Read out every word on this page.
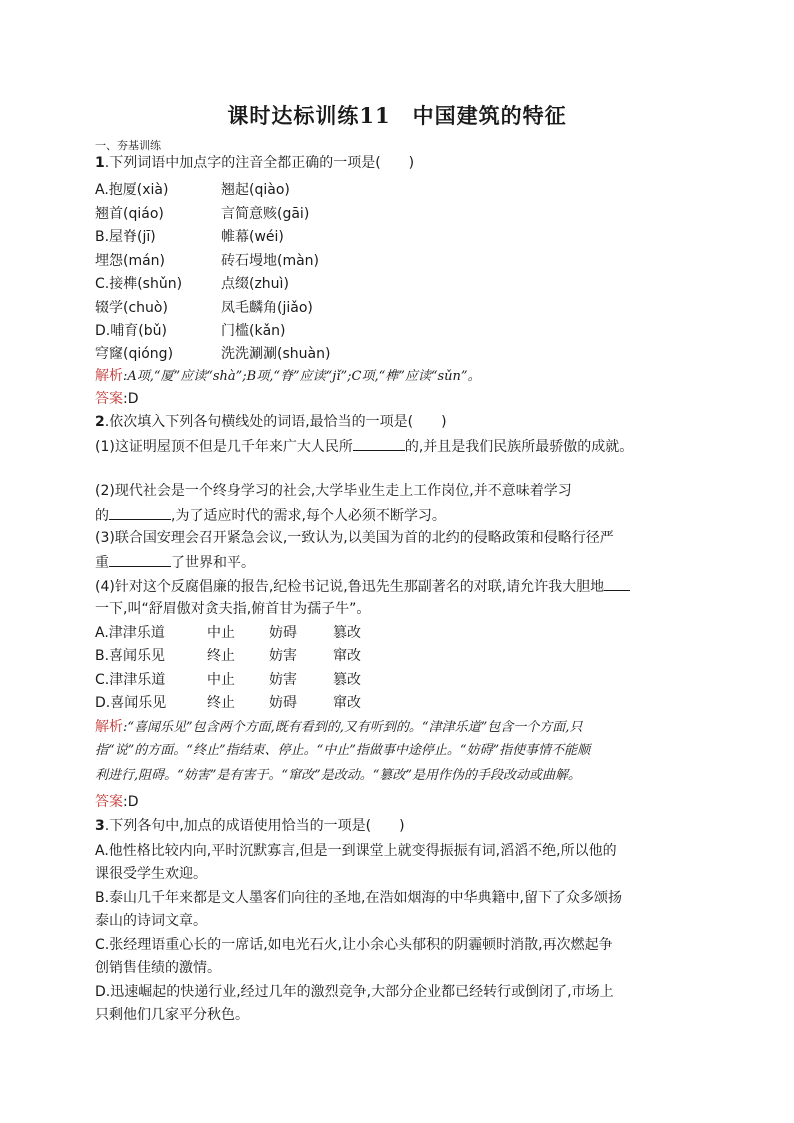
课时达标训练11　中国建筑的特征
一、夯基训练
1.下列词语中加点字的注音全都正确的一项是(　　)
A.抱厦(xià)	翘起(qiào)
翘首(qiáo)	言简意赅(gāi)
B.屋脊(jī)	帷幕(wéi)
埋怨(mán)	砖石墁地(màn)
C.接榫(shǔn)	点缀(zhuì)
辍学(chuò)	凤毛麟角(jiǎo)
D.哺育(bǔ)	门槛(kǎn)
穹窿(qióng)	洗洗涮涮(shuàn)
解析:A项,“厦”应读“shà”;B项,“脊”应读“jǐ”;C项,“榫”应读“sǔn”。
答案:D
2.依次填入下列各句横线处的词语,最恰当的一项是(　　)
(1)这证明屋顶不但是几千年来广大人民所	的,并且是我们民族所最骄傲的成就。
(2)现代社会是一个终身学习的社会,大学毕业生走上工作岗位,并不意味着学习
的	,为了适应时代的需求,每个人必须不断学习。
(3)联合国安理会召开紧急会议,一致认为,以美国为首的北约的侵略政策和侵略行径严
重	了世界和平。
(4)针对这个反腐倡廉的报告,纪检书记说,鲁迅先生那副著名的对联,请允许我大胆地
一下,叫“舒眉傲对贪夫指,俯首甘为孺子牛”。
A.津津乐道	中止 妨碍	篡改
B.喜闻乐见	终止 妨害	窜改
C.津津乐道	中止 妨害	篡改
D.喜闻乐见	终止 妨碍	窜改
解析:“喜闻乐见”包含两个方面,既有看到的,又有听到的。“津津乐道”包含一个方面,只
指“说”的方面。“终止”指结束、停止。“中止”指做事中途停止。“妨碍”指使事情不能顺
利进行,阻碍。“妨害”是有害于。“窜改”是改动。“篡改”是用作伪的手段改动或曲解。
答案:D
3.下列各句中,加点的成语使用恰当的一项是(　　)
A.他性格比较内向,平时沉默寡言,但是一到课堂上就变得振振有词,滔滔不绝,所以他的
课很受学生欢迎。
B.泰山几千年来都是文人墨客们向往的圣地,在浩如烟海的中华典籍中,留下了众多颂扬
泰山的诗词文章。
C.张经理语重心长的一席话,如电光石火,让小余心头郁积的阴霾顿时消散,再次燃起争
创销售佳绩的激情。
D.迅速崛起的快递行业,经过几年的激烈竞争,大部分企业都已经转行或倒闭了,市场上
只剩他们几家平分秋色。
